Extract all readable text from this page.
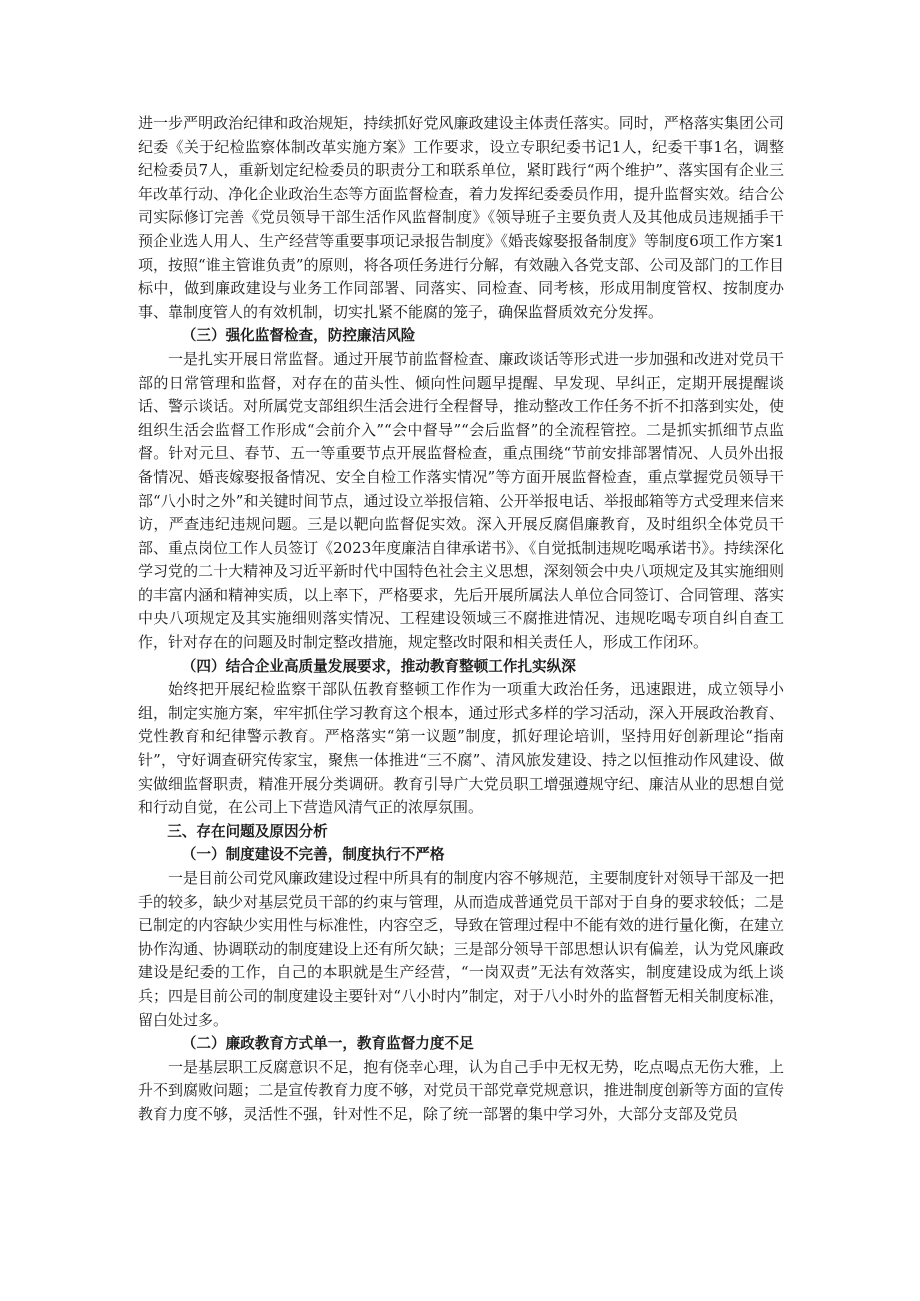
进一步严明政治纪律和政治规矩，持续抓好党风廉政建设主体责任落实。同时，严格落实集团公司纪委《关于纪检监察体制改革实施方案》工作要求，设立专职纪委书记1人，纪委干事1名，调整纪检委员7人，重新划定纪检委员的职责分工和联系单位，紧盯践行“两个维护”、落实国有企业三年改革行动、净化企业政治生态等方面监督检查，着力发挥纪委委员作用，提升监督实效。结合公司实际修订完善《党员领导干部生活作风监督制度》《领导班子主要负责人及其他成员违规插手干预企业选人用人、生产经营等重要事项记录报告制度》《婚丧嫁娶报备制度》等制度6项工作方案1项，按照“谁主管谁负责”的原则，将各项任务进行分解，有效融入各党支部、公司及部门的工作目标中，做到廉政建设与业务工作同部署、同落实、同检查、同考核，形成用制度管权、按制度办事、靠制度管人的有效机制，切实扎紧不能腐的笼子，确保监督质效充分发挥。

（三）强化监督检查，防控廉洁风险

一是扎实开展日常监督。通过开展节前监督检查、廉政谈话等形式进一步加强和改进对党员干部的日常管理和监督，对存在的苗头性、倾向性问题早提醒、早发现、早纠正，定期开展提醒谈话、警示谈话。对所属党支部组织生活会进行全程督导，推动整改工作任务不折不扣落到实处，使组织生活会监督工作形成“会前介入”“会中督导”“会后监督”的全流程管控。二是抓实抓细节点监督。针对元旦、春节、五一等重要节点开展监督检查，重点围绕“节前安排部署情况、人员外出报备情况、婚丧嫁娶报备情况、安全自检工作落实情况”等方面开展监督检查，重点掌握党员领导干部“八小时之外”和关键时间节点，通过设立举报信箱、公开举报电话、举报邮箱等方式受理来信来访，严查违纪违规问题。三是以靶向监督促实效。深入开展反腐倡廉教育，及时组织全体党员干部、重点岗位工作人员签订《2023年度廉洁自律承诺书》、《自觉抵制违规吃喝承诺书》。持续深化学习党的二十大精神及习近平新时代中国特色社会主义思想，深刻领会中央八项规定及其实施细则的丰富内涵和精神实质，以上率下，严格要求，先后开展所属法人单位合同签订、合同管理、落实中央八项规定及其实施细则落实情况、工程建设领域三不腐推进情况、违规吃喝专项自纠自查工作，针对存在的问题及时制定整改措施，规定整改时限和相关责任人，形成工作闭环。

（四）结合企业高质量发展要求，推动教育整顿工作扎实纵深

始终把开展纪检监察干部队伍教育整顿工作作为一项重大政治任务，迅速跟进，成立领导小组，制定实施方案，牢牢抓住学习教育这个根本，通过形式多样的学习活动，深入开展政治教育、党性教育和纪律警示教育。严格落实“第一议题”制度，抓好理论培训，坚持用好创新理论“指南针”，守好调查研究传家宝，聚焦一体推进“三不腐”、清风旅发建设、持之以恒推动作风建设、做实做细监督职责，精准开展分类调研。教育引导广大党员职工增强遵规守纪、廉洁从业的思想自觉和行动自觉，在公司上下营造风清气正的浓厚氛围。

三、存在问题及原因分析

（一）制度建设不完善，制度执行不严格

一是目前公司党风廉政建设过程中所具有的制度内容不够规范，主要制度针对领导干部及一把手的较多，缺少对基层党员干部的约束与管理，从而造成普通党员干部对于自身的要求较低；二是已制定的内容缺少实用性与标准性，内容空乏，导致在管理过程中不能有效的进行量化衡，在建立协作沟通、协调联动的制度建设上还有所欠缺；三是部分领导干部思想认识有偏差，认为党风廉政建设是纪委的工作，自己的本职就是生产经营，“一岗双责”无法有效落实，制度建设成为纸上谈兵；四是目前公司的制度建设主要针对“八小时内”制定，对于八小时外的监督暂无相关制度标准，留白处过多。

（二）廉政教育方式单一，教育监督力度不足

一是基层职工反腐意识不足，抱有侥幸心理，认为自己手中无权无势，吃点喝点无伤大雅，上升不到腐败问题；二是宣传教育力度不够，对党员干部党章党规意识，推进制度创新等方面的宣传教育力度不够，灵活性不强，针对性不足，除了统一部署的集中学习外，大部分支部及党员
